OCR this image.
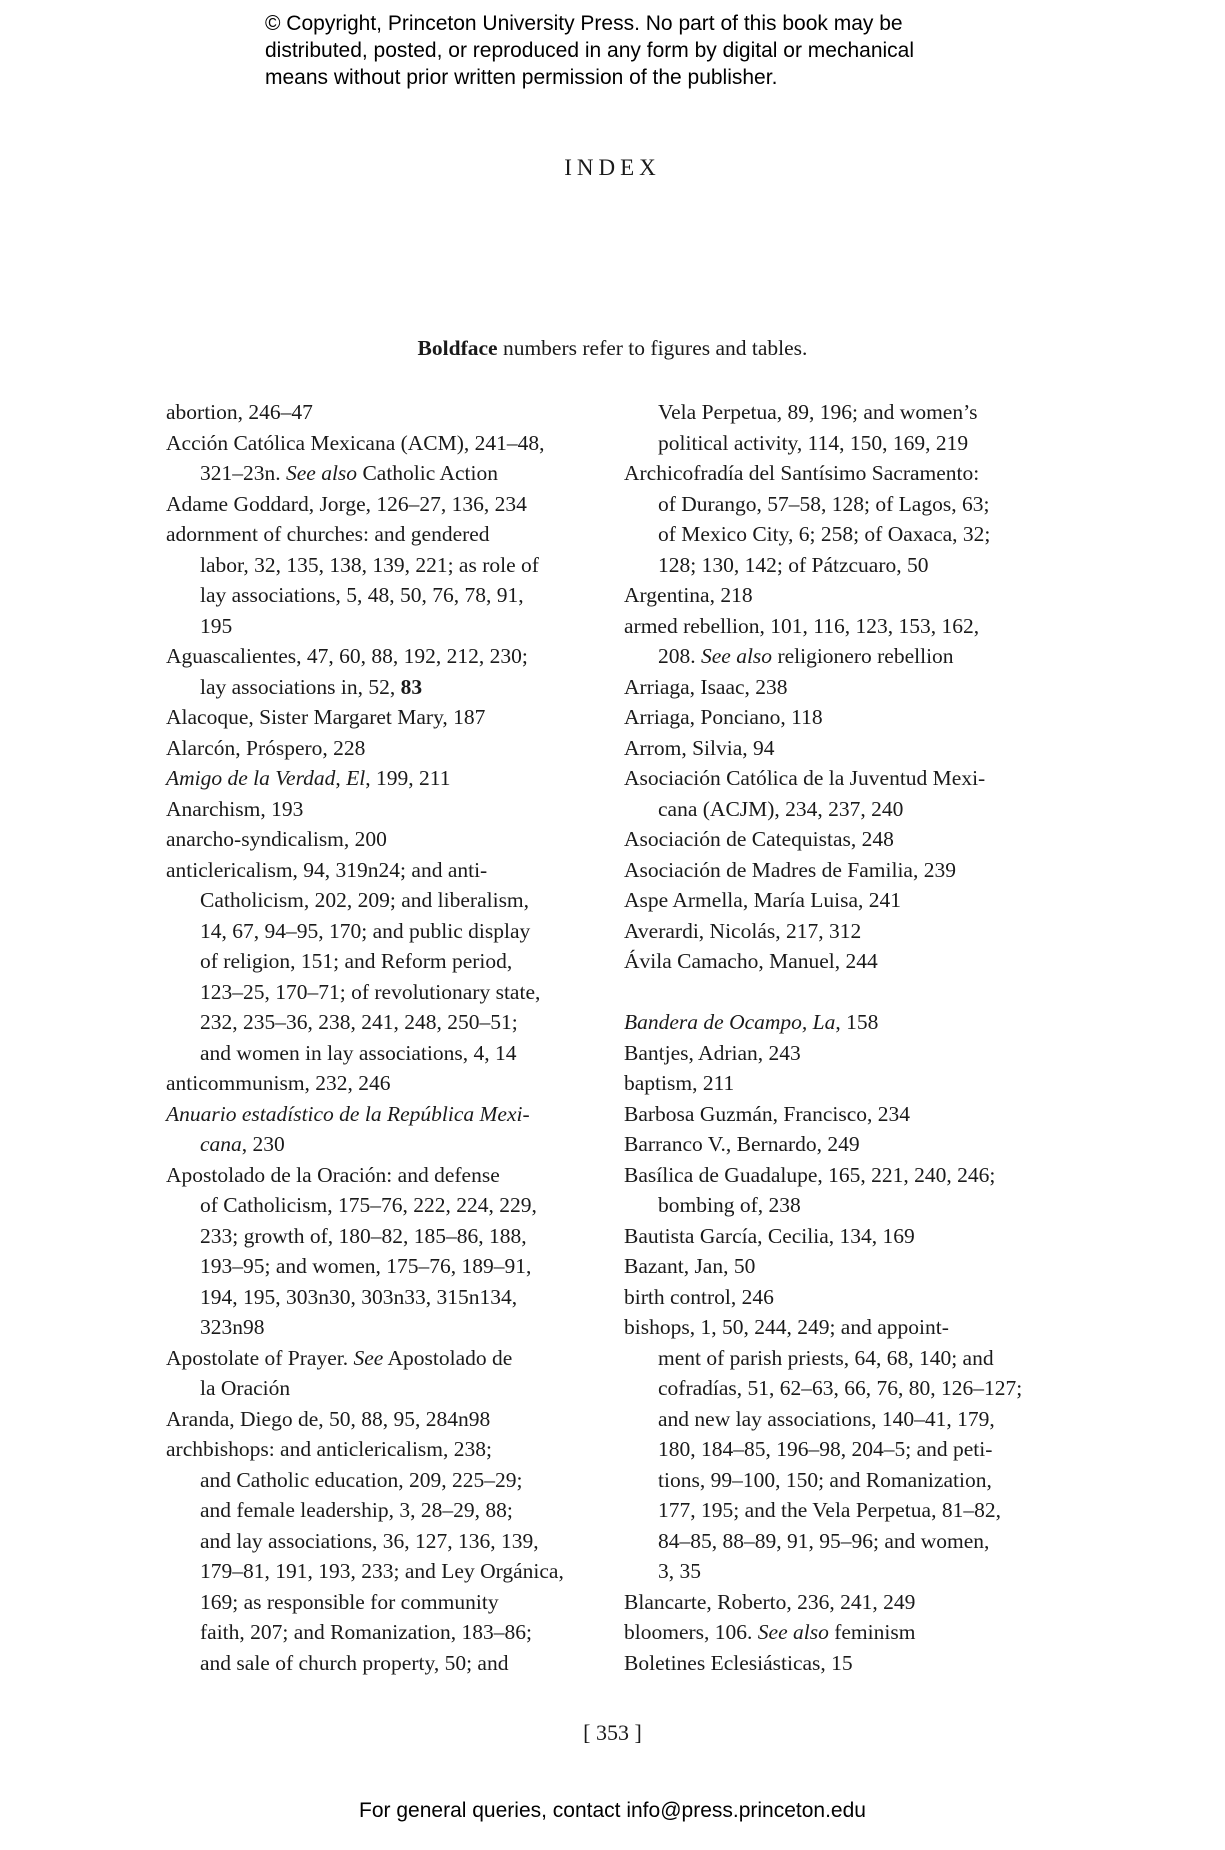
© Copyright, Princeton University Press. No part of this book may be
distributed, posted, or reproduced in any form by digital or mechanical
means without prior written permission of the publisher.
INDEX
Boldface numbers refer to figures and tables.
abortion, 246–47
Acción Católica Mexicana (ACM), 241–48,
321–23n. See also Catholic Action
Adame Goddard, Jorge, 126–27, 136, 234
adornment of churches: and gendered
labor, 32, 135, 138, 139, 221; as role of
lay associations, 5, 48, 50, 76, 78, 91,
195
Aguascalientes, 47, 60, 88, 192, 212, 230;
lay associations in, 52, 83
Alacoque, Sister Margaret Mary, 187
Alarcón, Próspero, 228
Amigo de la Verdad, El, 199, 211
Anarchism, 193
anarcho-syndicalism, 200
anticlericalism, 94, 319n24; and anti-
Catholicism, 202, 209; and liberalism,
14, 67, 94–95, 170; and public display
of religion, 151; and Reform period,
123–25, 170–71; of revolutionary state,
232, 235–36, 238, 241, 248, 250–51;
and women in lay associations, 4, 14
anticommunism, 232, 246
Anuario estadístico de la República Mexi-
cana, 230
Apostolado de la Oración: and defense
of Catholicism, 175–76, 222, 224, 229,
233; growth of, 180–82, 185–86, 188,
193–95; and women, 175–76, 189–91,
194, 195, 303n30, 303n33, 315n134,
323n98
Apostolate of Prayer. See Apostolado de
la Oración
Aranda, Diego de, 50, 88, 95, 284n98
archbishops: and anticlericalism, 238;
and Catholic education, 209, 225–29;
and female leadership, 3, 28–29, 88;
and lay associations, 36, 127, 136, 139,
179–81, 191, 193, 233; and Ley Orgánica,
169; as responsible for community
faith, 207; and Romanization, 183–86;
and sale of church property, 50; and
Vela Perpetua, 89, 196; and women’s
political activity, 114, 150, 169, 219
Archicofradía del Santísimo Sacramento:
of Durango, 57–58, 128; of Lagos, 63;
of Mexico City, 6; 258; of Oaxaca, 32;
128; 130, 142; of Pátzcuaro, 50
Argentina, 218
armed rebellion, 101, 116, 123, 153, 162,
208. See also religionero rebellion
Arriaga, Isaac, 238
Arriaga, Ponciano, 118
Arrom, Silvia, 94
Asociación Católica de la Juventud Mexi-
cana (ACJM), 234, 237, 240
Asociación de Catequistas, 248
Asociación de Madres de Familia, 239
Aspe Armella, María Luisa, 241
Averardi, Nicolás, 217, 312
Ávila Camacho, Manuel, 244
Bandera de Ocampo, La, 158
Bantjes, Adrian, 243
baptism, 211
Barbosa Guzmán, Francisco, 234
Barranco V., Bernardo, 249
Basílica de Guadalupe, 165, 221, 240, 246;
bombing of, 238
Bautista García, Cecilia, 134, 169
Bazant, Jan, 50
birth control, 246
bishops, 1, 50, 244, 249; and appoint-
ment of parish priests, 64, 68, 140; and
cofradías, 51, 62–63, 66, 76, 80, 126–127;
and new lay associations, 140–41, 179,
180, 184–85, 196–98, 204–5; and peti-
tions, 99–100, 150; and Romanization,
177, 195; and the Vela Perpetua, 81–82,
84–85, 88–89, 91, 95–96; and women,
3, 35
Blancarte, Roberto, 236, 241, 249
bloomers, 106. See also feminism
Boletines Eclesiásticas, 15
[ 353 ]
For general queries, contact info@press.princeton.edu
